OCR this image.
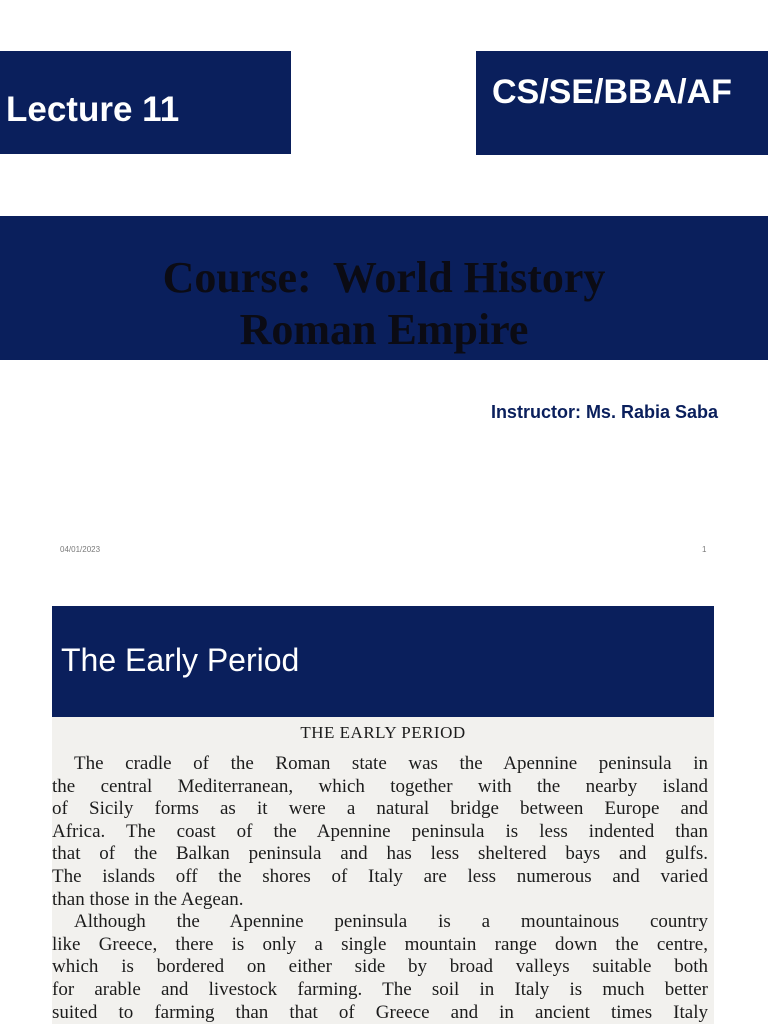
Lecture 11	CS/SE/BBA/AF
Course:  World History
Roman Empire
Instructor: Ms. Rabia Saba
04/01/2023	1
The Early Period
THE EARLY PERIOD
The cradle of the Roman state was the Apennine peninsula in
the central Mediterranean, which together with the nearby island
of Sicily forms as it were a natural bridge between Europe and
Africa. The coast of the Apennine peninsula is less indented than
that of the Balkan peninsula and has less sheltered bays and gulfs.
The islands off the shores of Italy are less numerous and varied
than those in the Aegean.
Although the Apennine peninsula is a mountainous country
like Greece, there is only a single mountain range down the centre,
which is bordered on either side by broad valleys suitable both
for arable and livestock farming. The soil in Italy is much better
suited to farming than that of Greece and in ancient times Italy
